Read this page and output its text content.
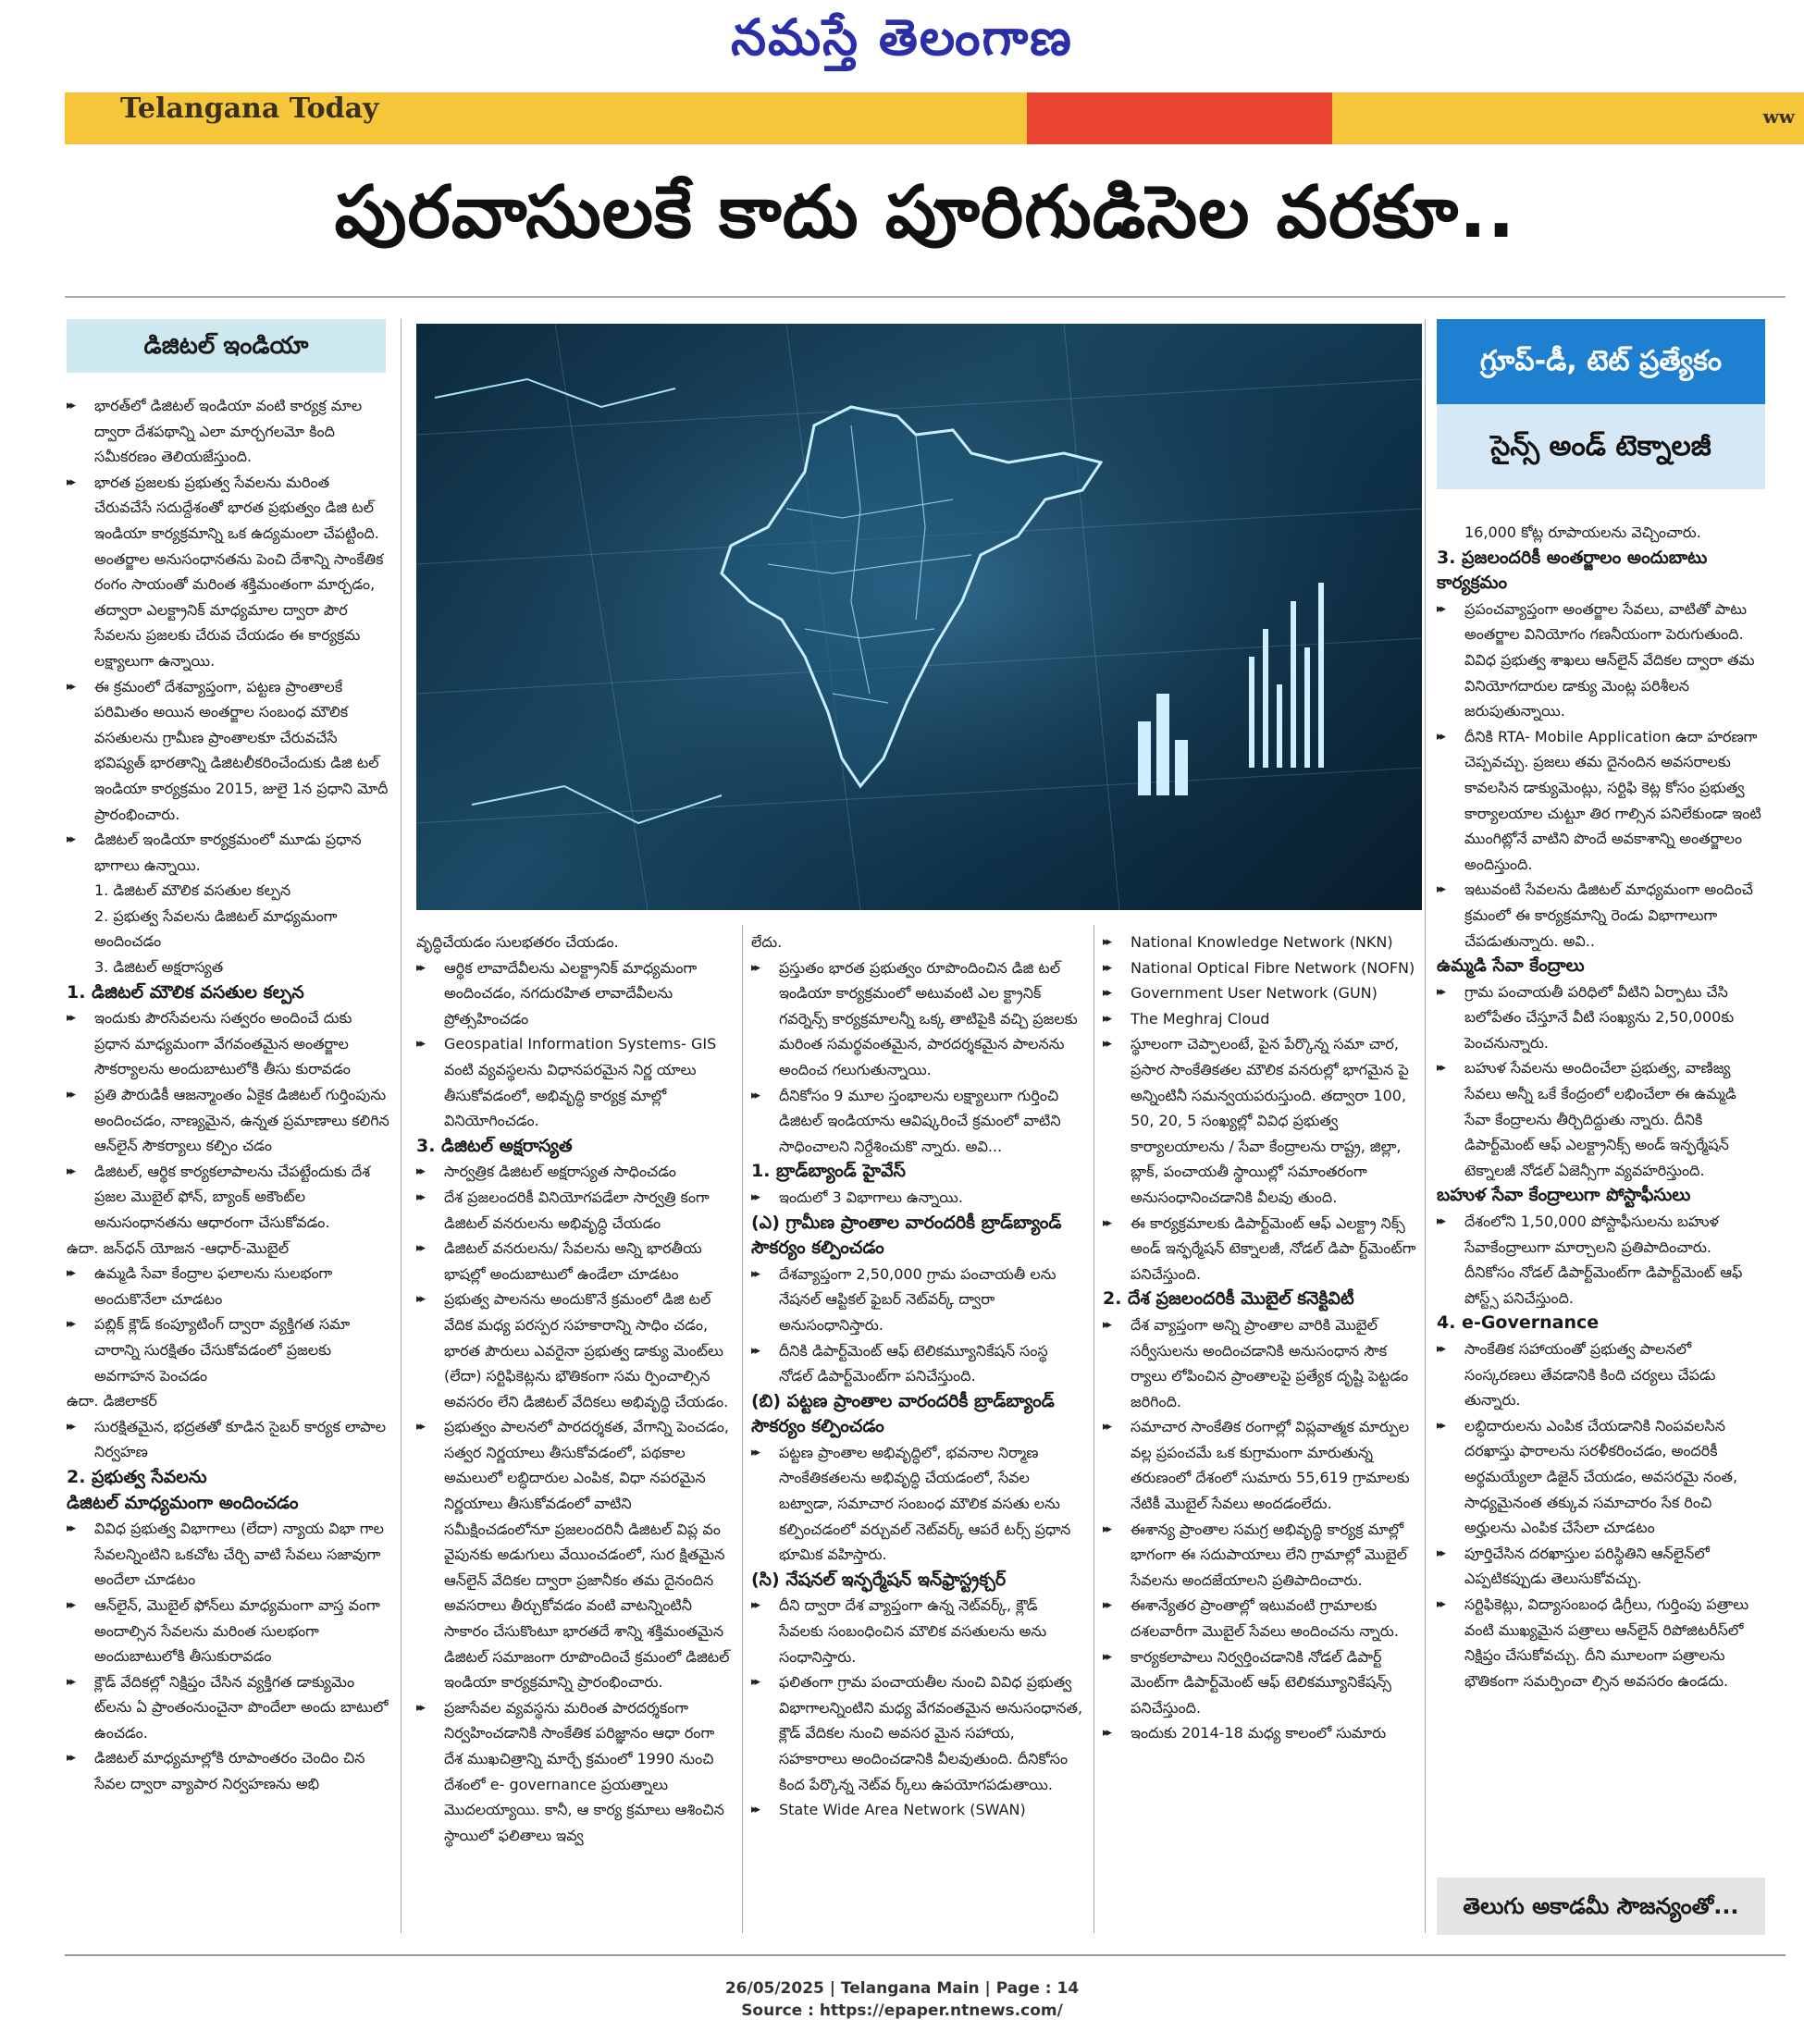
నమస్తే తెలంగాణ
Telangana Today	ww
పురవాసులకే కాదు పూరిగుడిసెల వరకూ..
డిజిటల్ ఇండియా	గ్రూప్-డీ, టెట్ ప్రత్యేకం
సైన్స్ అండ్ టెక్నాలజీ

▸▸ భారత్‌లో డిజిటల్ ఇండియా వంటి కార్యక్ర మాల ద్వారా దేశపథాన్ని ఎలా మార్చగలమో కింది సమీకరణం తెలియజేస్తుంది.

▸▸ భారత ప్రజలకు ప్రభుత్వ సేవలను మరింత చేరువచేసే సదుద్దేశంతో భారత ప్రభుత్వం డిజి టల్ ఇండియా కార్యక్రమాన్ని ఒక ఉద్యమంలా చేపట్టింది. అంతర్జాల అనుసంధానతను పెంచి దేశాన్ని సాంకేతిక రంగం సాయంతో మరింత శక్తిమంతంగా మార్చడం, తద్వారా ఎలక్ట్రానిక్ మాధ్యమాల ద్వారా పౌర సేవలను ప్రజలకు చేరువ చేయడం ఈ కార్యక్రమ లక్ష్యాలుగా ఉన్నాయి.

▸▸ ఈ క్రమంలో దేశవ్యాప్తంగా, పట్టణ ప్రాంతాలకే పరిమితం అయిన అంతర్జాల సంబంధ మౌలిక వసతులను గ్రామీణ ప్రాంతాలకూ చేరువచేసే భవిష్యత్ భారతాన్ని డిజిటలీకరించేందుకు డిజి టల్ ఇండియా కార్యక్రమం 2015, జులై 1న ప్రధాని మోదీ ప్రారంభించారు.

▸▸ డిజిటల్ ఇండియా కార్యక్రమంలో మూడు ప్రధాన భాగాలు ఉన్నాయి.

1. డిజిటల్ మౌలిక వసతుల కల్పన

2. ప్రభుత్వ సేవలను డిజిటల్ మాధ్యమంగా అందించడం

3. డిజిటల్ అక్షరాస్యత

1. డిజిటల్ మౌలిక వసతుల కల్పన

▸▸ ఇందుకు పౌరసేవలను సత్వరం అందించే దుకు ప్రధాన మాధ్యమంగా వేగవంతమైన అంతర్జాల సౌకర్యాలను అందుబాటులోకి తీసు కురావడం

▸▸ ప్రతి పౌరుడికీ ఆజన్మాంతం ఏకైక డిజిటల్ గుర్తింపును అందించడం, నాణ్యమైన, ఉన్నత ప్రమాణాలు కలిగిన ఆన్‌లైన్ సౌకర్యాలు కల్పిం చడం

▸▸ డిజిటల్, ఆర్థిక కార్యకలాపాలను చేపట్టేందుకు దేశ ప్రజల మొబైల్ ఫోన్, బ్యాంక్ అకౌంట్‌ల అనుసంధానతను ఆధారంగా చేసుకోవడం.

ఉదా. జన్‌ధన్ యోజన -ఆధార్-మొబైల్

▸▸ ఉమ్మడి సేవా కేంద్రాల ఫలాలను సులభంగా అందుకొనేలా చూడటం

▸▸ పబ్లిక్ క్లౌడ్ కంప్యూటింగ్ ద్వారా వ్యక్తిగత సమా చారాన్ని సురక్షితం చేసుకోవడంలో ప్రజలకు అవగాహన పెంచడం

ఉదా. డిజిలాకర్

▸▸ సురక్షితమైన, భద్రతతో కూడిన సైబర్ కార్యక లాపాల నిర్వహణ

2. ప్రభుత్వ సేవలను

డిజిటల్ మాధ్యమంగా అందించడం

▸▸ వివిధ ప్రభుత్వ విభాగాలు (లేదా) న్యాయ విభా గాల సేవలన్నింటిని ఒకచోట చేర్చి వాటి సేవలు సజావుగా అందేలా చూడటం

▸▸ ఆన్‌లైన్, మొబైల్ ఫోన్‌లు మాధ్యమంగా వాస్త వంగా అందాల్సిన సేవలను మరింత సులభంగా అందుబాటులోకి తీసుకురావడం

▸▸ క్లౌడ్ వేదికల్లో నిక్షిప్తం చేసిన వ్యక్తిగత డాక్యుమెం ట్‌లను ఏ ప్రాంతంనుంచైనా పొందేలా అందు బాటులో ఉంచడం.

▸▸ డిజిటల్ మాధ్యమాల్లోకి రూపాంతరం చెందిం చిన సేవల ద్వారా వ్యాపార నిర్వహణను అభి

వృద్ధిచేయడం సులభతరం చేయడం.

▸▸ ఆర్థిక లావాదేవీలను ఎలక్ట్రానిక్ మాధ్యమంగా అందించడం, నగదురహిత లావాదేవీలను ప్రోత్సహించడం

▸▸ Geospatial Information Systems- GIS వంటి వ్యవస్థలను విధానపరమైన నిర్ణ యాలు తీసుకోవడంలో, అభివృద్ధి కార్యక్ర మాల్లో వినియోగించడం.

3. డిజిటల్ అక్షరాస్యత

▸▸ సార్వత్రిక డిజిటల్ అక్షరాస్యత సాధించడం

▸▸ దేశ ప్రజలందరికీ వినియోగపడేలా సార్వత్రి కంగా డిజిటల్ వనరులను అభివృద్ధి చేయడం

▸▸ డిజిటల్ వనరులను/ సేవలను అన్ని భారతీయ భాషల్లో అందుబాటులో ఉండేలా చూడటం

▸▸ ప్రభుత్వ పాలనను అందుకొనే క్రమంలో డిజి టల్ వేదిక మధ్య పరస్పర సహకారాన్ని సాధిం చడం, భారత పౌరులు ఎవరైనా ప్రభుత్వ డాక్యు మెంట్‌లు (లేదా) సర్టిఫికెట్లను భౌతికంగా సమ ర్పించాల్సిన అవసరం లేని డిజిటల్ వేదికలు అభివృద్ధి చేయడం.

▸▸ ప్రభుత్వం పాలనలో పారదర్శకత, వేగాన్ని పెంచడం, సత్వర నిర్ణయాలు తీసుకోవడంలో, పథకాల అమలులో లబ్ధిదారుల ఎంపిక, విధా నపరమైన నిర్ణయాలు తీసుకోవడంలో వాటిని సమీక్షించడంలోనూ ప్రజలందరినీ డిజిటల్ విప్ల వం వైపునకు అడుగులు వేయించడంలో, సుర క్షితమైన ఆన్‌లైన్ వేదికల ద్వారా ప్రజానీకం తమ దైనందిన అవసరాలు తీర్చుకోవడం వంటి వాటన్నింటినీ సాకారం చేసుకొంటూ భారతదే శాన్ని శక్తిమంతమైన డిజిటల్ సమాజంగా రూపొందించే క్రమంలో డిజిటల్ ఇండియా కార్యక్రమాన్ని ప్రారంభించారు.

▸▸ ప్రజాసేవల వ్యవస్థను మరింత పారదర్శకంగా నిర్వహించడానికి సాంకేతిక పరిజ్ఞానం ఆధా రంగా దేశ ముఖచిత్రాన్ని మార్చే క్రమంలో 1990 నుంచి దేశంలో e- governance ప్రయత్నాలు మొదలయ్యాయి. కానీ, ఆ కార్య క్రమాలు ఆశించిన స్థాయిలో ఫలితాలు ఇవ్వ

లేదు.

▸▸ ప్రస్తుతం భారత ప్రభుత్వం రూపొందించిన డిజి టల్ ఇండియా కార్యక్రమంలో అటువంటి ఎల క్ట్రానిక్ గవర్నెన్స్ కార్యక్రమాలన్నీ ఒక్క తాటిపైకి వచ్చి ప్రజలకు మరింత సమర్థవంతమైన, పారదర్శకమైన పాలనను అందించ గలుగుతున్నాయి.

▸▸ దీనికోసం 9 మూల స్తంభాలను లక్ష్యాలుగా గుర్తించి డిజిటల్ ఇండియాను ఆవిష్కరించే క్రమంలో వాటిని సాధించాలని నిర్దేశించుకొ న్నారు. అవి...

1. బ్రాడ్‌బ్యాండ్ హైవేస్

▸▸ ఇందులో 3 విభాగాలు ఉన్నాయి.

(ఎ) గ్రామీణ ప్రాంతాల వారందరికీ బ్రాడ్‌బ్యాండ్ సౌకర్యం కల్పించడం

▸▸ దేశవ్యాప్తంగా 2,50,000 గ్రామ పంచాయతీ లను నేషనల్ ఆప్టికల్ ఫైబర్ నెట్‌వర్క్ ద్వారా అనుసంధానిస్తారు.

▸▸ దీనికి డిపార్ట్‌మెంట్ ఆఫ్ టెలికమ్యూనికేషన్ సంస్థ నోడల్ డిపార్ట్‌మెంట్‌గా పనిచేస్తుంది.

(బి) పట్టణ ప్రాంతాల వారందరికీ బ్రాడ్‌బ్యాండ్ సౌకర్యం కల్పించడం

▸▸ పట్టణ ప్రాంతాల అభివృద్ధిలో, భవనాల నిర్మాణ సాంకేతికతలను అభివృద్ధి చేయడంలో, సేవల బట్వాడా, సమాచార సంబంధ మౌలిక వసతు లను కల్పించడంలో వర్చువల్ నెట్‌వర్క్ ఆపరే టర్స్ ప్రధాన భూమిక వహిస్తారు.

(సి) నేషనల్ ఇన్ఫర్మేషన్ ఇన్‌ఫ్రాస్ట్రక్చర్

▸▸ దీని ద్వారా దేశ వ్యాప్తంగా ఉన్న నెట్‌వర్క్, క్లౌడ్ సేవలకు సంబంధించిన మౌలిక వసతులను అను సంధానిస్తారు.

▸▸ ఫలితంగా గ్రామ పంచాయతీల నుంచి వివిధ ప్రభుత్వ విభాగాలన్నింటిని మధ్య వేగవంతమైన అనుసంధానత, క్లౌడ్ వేదికల నుంచి అవసర మైన సహాయ, సహకారాలు అందించడానికి వీలవుతుంది. దీనికోసం కింద పేర్కొన్న నెట్‌వ ర్క్‌లు ఉపయోగపడుతాయి.

▸▸ State Wide Area Network (SWAN)

▸▸ National Knowledge Network (NKN)

▸▸ National Optical Fibre Network (NOFN)

▸▸ Government User Network (GUN)

▸▸ The Meghraj Cloud

▸▸ స్థూలంగా చెప్పాలంటే, పైన పేర్కొన్న సమా చార, ప్రసార సాంకేతికతల మౌలిక వనరుల్లో భాగమైన పై అన్నింటినీ సమన్వయపరుస్తుంది. తద్వారా 100, 50, 20, 5 సంఖ్యల్లో వివిధ ప్రభుత్వ కార్యాలయాలను / సేవా కేంద్రాలను రాష్ట్ర, జిల్లా, బ్లాక్, పంచాయతీ స్థాయిల్లో సమాంతరంగా అనుసంధానించడానికి వీలవు తుంది.

▸▸ ఈ కార్యక్రమాలకు డిపార్ట్‌మెంట్ ఆఫ్ ఎలక్ట్రా నిక్స్ అండ్ ఇన్ఫర్మేషన్ టెక్నాలజీ, నోడల్ డిపా ర్ట్‌మెంట్‌గా పనిచేస్తుంది.

2. దేశ ప్రజలందరికీ మొబైల్ కనెక్టివిటీ

▸▸ దేశ వ్యాప్తంగా అన్ని ప్రాంతాల వారికి మొబైల్ సర్వీసులను అందించడానికి అనుసంధాన సౌక ర్యాలు లోపించిన ప్రాంతాలపై ప్రత్యేక దృష్టి పెట్టడం జరిగింది.

▸▸ సమాచార సాంకేతిక రంగాల్లో విప్లవాత్మక మార్పుల వల్ల ప్రపంచమే ఒక కుగ్రామంగా మారుతున్న తరుణంలో దేశంలో సుమారు 55,619 గ్రామాలకు నేటికీ మొబైల్ సేవలు అందడంలేదు.

▸▸ ఈశాన్య ప్రాంతాల సమగ్ర అభివృద్ధి కార్యక్ర మాల్లో భాగంగా ఈ సదుపాయాలు లేని గ్రామాల్లో మొబైల్ సేవలను అందజేయాలని ప్రతిపాదించారు.

▸▸ ఈశాన్యేతర ప్రాంతాల్లో ఇటువంటి గ్రామాలకు దశలవారీగా మొబైల్ సేవలు అందించను న్నారు.

▸▸ కార్యకలాపాలు నిర్వర్తించడానికి నోడల్ డిపార్ట్ మెంట్‌గా డిపార్ట్‌మెంట్ ఆఫ్ టెలికమ్యూనికేషన్స్ పనిచేస్తుంది.

▸▸ ఇందుకు 2014-18 మధ్య కాలంలో సుమారు

16,000 కోట్ల రూపాయలను వెచ్చించారు.

3. ప్రజలందరికీ అంతర్జాలం అందుబాటు కార్యక్రమం

▸▸ ప్రపంచవ్యాప్తంగా అంతర్జాల సేవలు, వాటితో పాటు అంతర్జాల వినియోగం గణనీయంగా పెరుగుతుంది. వివిధ ప్రభుత్వ శాఖలు ఆన్‌లైన్ వేదికల ద్వారా తమ వినియోగదారుల డాక్యు మెంట్ల పరిశీలన జరుపుతున్నాయి.

▸▸ దీనికి RTA- Mobile Application ఉదా హరణగా చెప్పవచ్చు. ప్రజలు తమ దైనందిన అవసరాలకు కావలసిన డాక్యుమెంట్లు, సర్టిఫి కెట్ల కోసం ప్రభుత్వ కార్యాలయాల చుట్టూ తిర గాల్సిన పనిలేకుండా ఇంటి ముంగిట్లోనే వాటిని పొందే అవకాశాన్ని అంతర్జాలం అందిస్తుంది.

▸▸ ఇటువంటి సేవలను డిజిటల్ మాధ్యమంగా అందించే క్రమంలో ఈ కార్యక్రమాన్ని రెండు విభాగాలుగా చేపడుతున్నారు. అవి..

ఉమ్మడి సేవా కేంద్రాలు

▸▸ గ్రామ పంచాయతీ పరిధిలో వీటిని ఏర్పాటు చేసి బలోపేతం చేస్తూనే వీటి సంఖ్యను 2,50,000కు పెంచనున్నారు.

▸▸ బహుళ సేవలను అందించేలా ప్రభుత్వ, వాణిజ్య సేవలు అన్నీ ఒకే కేంద్రంలో లభించేలా ఈ ఉమ్మడి సేవా కేంద్రాలను తీర్చిదిద్దుతు న్నారు. దీనికి డిపార్ట్‌మెంట్ ఆఫ్ ఎలక్ట్రానిక్స్ అండ్ ఇన్ఫర్మేషన్ టెక్నాలజీ నోడల్ ఏజెన్సీగా వ్యవహరిస్తుంది.

బహుళ సేవా కేంద్రాలుగా పోస్టాఫీసులు

▸▸ దేశంలోని 1,50,000 పోస్టాఫీసులను బహుళ సేవాకేంద్రాలుగా మార్చాలని ప్రతిపాదించారు. దీనికోసం నోడల్ డిపార్ట్‌మెంట్‌గా డిపార్ట్‌మెంట్ ఆఫ్ పోస్ట్స్ పనిచేస్తుంది.

4. e-Governance

▸▸ సాంకేతిక సహాయంతో ప్రభుత్వ పాలనలో సంస్కరణలు తేవడానికి కింది చర్యలు చేపడు తున్నారు.

▸▸ లబ్ధిదారులను ఎంపిక చేయడానికి నింపవలసిన దరఖాస్తు ఫారాలను సరళీకరించడం, అందరికీ అర్థమయ్యేలా డిజైన్ చేయడం, అవసరమై నంత, సాధ్యమైనంత తక్కువ సమాచారం సేక రించి అర్హులను ఎంపిక చేసేలా చూడటం

▸▸ పూర్తిచేసిన దరఖాస్తుల పరిస్థితిని ఆన్‌లైన్‌లో ఎప్పటికప్పుడు తెలుసుకోవచ్చు.

▸▸ సర్టిఫికెట్లు, విద్యాసంబంధ డిగ్రీలు, గుర్తింపు పత్రాలు వంటి ముఖ్యమైన పత్రాలు ఆన్‌లైన్ రిపోజిటరీస్‌లో నిక్షిప్తం చేసుకోవచ్చు. దీని మూలంగా పత్రాలను భౌతికంగా సమర్పించా ల్సిన అవసరం ఉండదు.

తెలుగు అకాడమీ సౌజన్యంతో...
26/05/2025 | Telangana Main | Page : 14
Source : https://epaper.ntnews.com/
